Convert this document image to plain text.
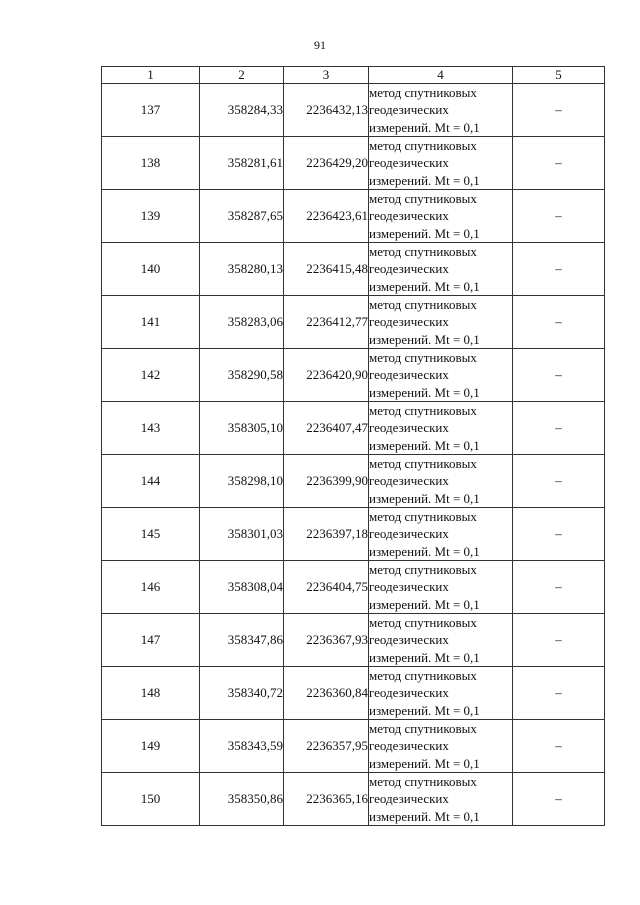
91
1	2	3	4	5
137	358284,33	2236432,13	метод спутниковых
геодезических
измерений. Mt = 0,1	–
138	358281,61	2236429,20	метод спутниковых
геодезических
измерений. Mt = 0,1	–
139	358287,65	2236423,61	метод спутниковых
геодезических
измерений. Mt = 0,1	–
140	358280,13	2236415,48	метод спутниковых
геодезических
измерений. Mt = 0,1	–
141	358283,06	2236412,77	метод спутниковых
геодезических
измерений. Mt = 0,1	–
142	358290,58	2236420,90	метод спутниковых
геодезических
измерений. Mt = 0,1	–
143	358305,10	2236407,47	метод спутниковых
геодезических
измерений. Mt = 0,1	–
144	358298,10	2236399,90	метод спутниковых
геодезических
измерений. Mt = 0,1	–
145	358301,03	2236397,18	метод спутниковых
геодезических
измерений. Mt = 0,1	–
146	358308,04	2236404,75	метод спутниковых
геодезических
измерений. Mt = 0,1	–
147	358347,86	2236367,93	метод спутниковых
геодезических
измерений. Mt = 0,1	–
148	358340,72	2236360,84	метод спутниковых
геодезических
измерений. Mt = 0,1	–
149	358343,59	2236357,95	метод спутниковых
геодезических
измерений. Mt = 0,1	–
150	358350,86	2236365,16	метод спутниковых
геодезических
измерений. Mt = 0,1	–
